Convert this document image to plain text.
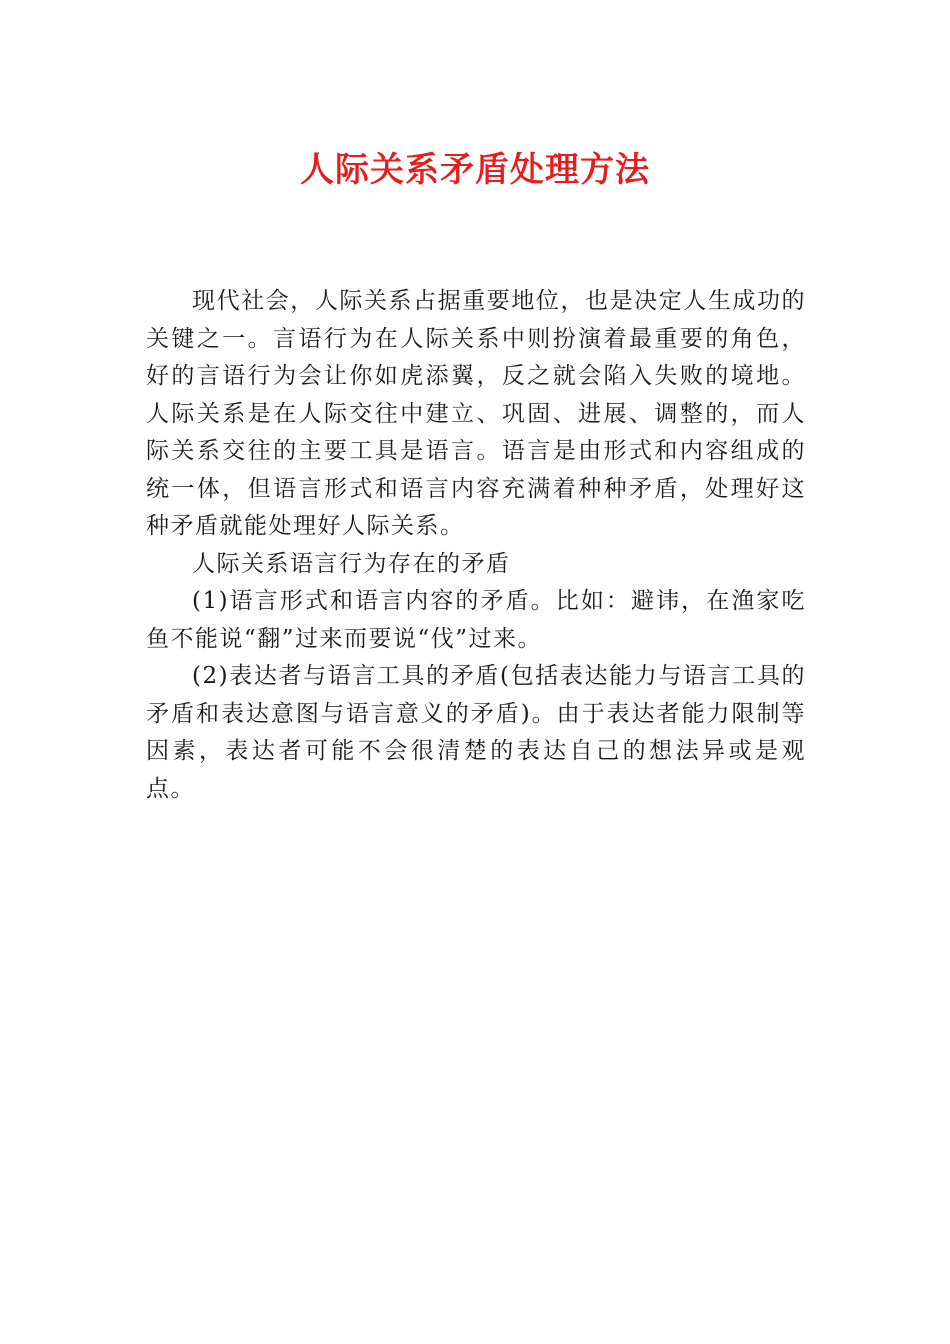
人际关系矛盾处理方法

现代社会，人际关系占据重要地位，也是决定人生成功的关键之一。言语行为在人际关系中则扮演着最重要的角色，好的言语行为会让你如虎添翼，反之就会陷入失败的境地。人际关系是在人际交往中建立、巩固、进展、调整的，而人际关系交往的主要工具是语言。语言是由形式和内容组成的统一体，但语言形式和语言内容充满着种种矛盾，处理好这种矛盾就能处理好人际关系。

人际关系语言行为存在的矛盾

(1)语言形式和语言内容的矛盾。比如：避讳，在渔家吃鱼不能说“翻”过来而要说“伐”过来。

(2)表达者与语言工具的矛盾(包括表达能力与语言工具的矛盾和表达意图与语言意义的矛盾)。由于表达者能力限制等因素，表达者可能不会很清楚的表达自己的想法异或是观点。
